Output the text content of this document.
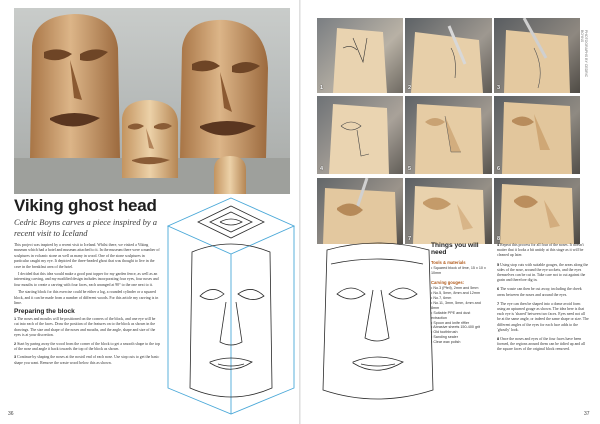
Viking ghost head
Cedric Boyns carves a piece inspired by a recent visit to Iceland

This project was inspired by a recent visit to Iceland. Whilst there, we visited a Viking museum which had a hotel and museum attached to it. In the museum there were a number of sculptures in volcanic stone as well as many in wood. One of the stone sculptures in particular caught my eye. It depicted the three-headed ghost that was thought to live in the cave in the breakfast area of the hotel.

I decided that this idea would make a good post topper for my garden fence, as well as an interesting carving, and my modified design includes incorporating four eyes, four noses and four mouths to create a carving with four faces, each arranged at 90° to the one next to it.

The starting block for this exercise could be either a log, a rounded cylinder or a squared block, and it can be made from a number of different woods. For this article my carving is in lime.

Preparing the block

1 The noses and mouths will be positioned on the corners of the block, and one eye will be cut into each of the faces. Draw the position of the features on to the block as shown in the drawings. The size and shape of the noses and mouths, and the angle, shape and size of the eyes is at your discretion.

2 Start by paring away the wood from the corner of the block to get a smooth shape to the top of the nose and angle it back towards the top of the block as shown.

3 Continue by shaping the noses at the nostril end of each nose. Use stop cuts to get the basic shape you want. Remove the waste wood below this as shown.

36
1	2	3
4	5	6
7	8
PHOTOGRAPHS BY CEDRIC BOYNS
Things you will need
Tools & materials
• Squared block of lime, 15 x 10 x 10mm
Carving gouges:
• No.3 (Pfeil), 2mm and 5mm
• No.5, 5mm, 8mm and 12mm
• No.7, 6mm
• No.11, 3mm, 5mm, 4mm and 8mm
• Suitable PPE and dust extraction
• Spoon and knife riffler
• Abrasive sheets 150-400 grit
• Old toothbrush
• Sanding sealer
• Clear wax polish

4 Repeat this process for all four of the noses. It doesn't matter that it looks a bit untidy at this stage as it will be cleaned up later.

5 Using stop cuts with suitable gouges, the areas along the sides of the nose, around the eye sockets, and the eyes themselves can be cut in. Take care not to cut against the grain and therefore dig in.

6 The waste can then be cut away, including the cheek areas between the noses and around the eyes.

7 The eye can then be shaped into a dome avoid form using an upturned gouge as shown. The idea here is that each eye is 'shared' between two faces. Eyes need not all be at the same angle, or indeed the same shape or size. The different angles of the eyes for each face adds to the 'ghostly' look.

8 Once the noses and eyes of the four faces have been formed, the regions around them can be tidied up and all the square faces of the original block removed.

37
